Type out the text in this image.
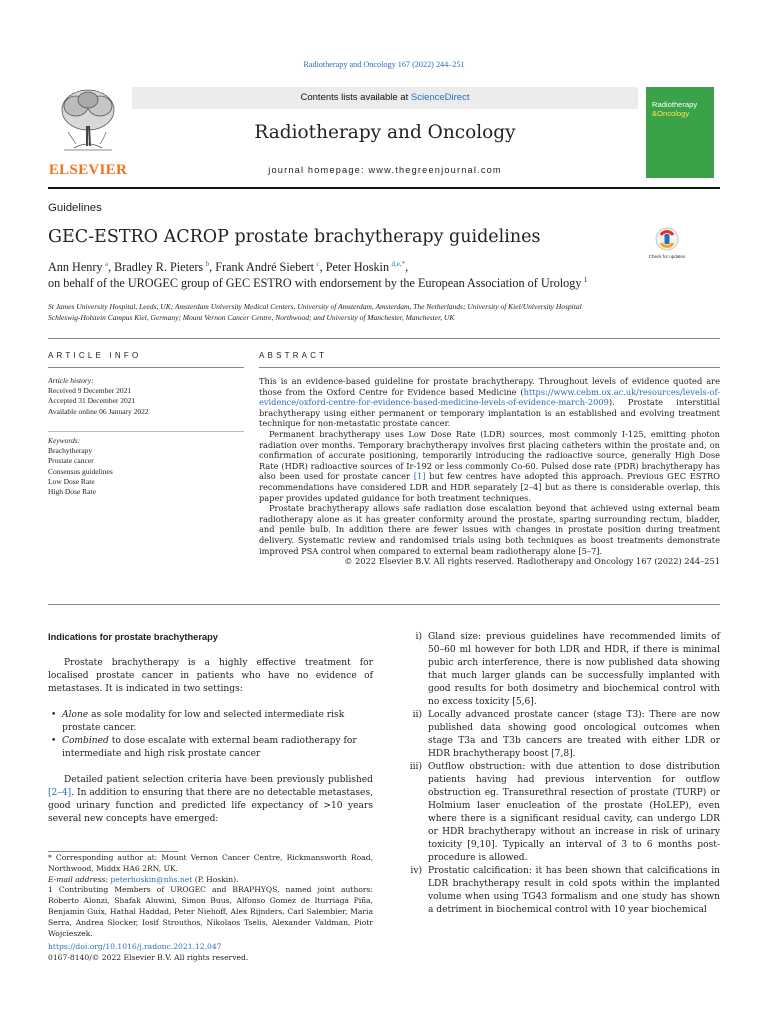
Radiotherapy and Oncology 167 (2022) 244–251
ELSEVIER
Contents lists available at ScienceDirect
Radiotherapy and Oncology
journal homepage: www.thegreenjournal.com
Radiotherapy
&Oncology
Guidelines
GEC-ESTRO ACROP prostate brachytherapy guidelines
Check for updates
Ann Henry  $^a$, Bradley R. Pieters  $^b$, Frank André Siebert  $^c$, Peter Hoskin  $^{d,e,*}$,
on behalf of the UROGEC group of GEC ESTRO with endorsement by the European Association of Urology  $^1$
St James University Hospital, Leeds, UK; Amsterdam University Medical Centers, University of Amsterdam, Amsterdam, The Netherlands; University of Kiel/University Hospital
Schleswig-Holstein Campus Kiel, Germany; Mount Vernon Cancer Centre, Northwood; and University of Manchester, Manchester, UK
ARTICLE INFO	ABSTRACT
Article history:
Received 9 December 2021
Accepted 31 December 2021
Available online 06 January 2022
Keywords:
Brachytherapy
Prostate cancer
Consensus guidelines
Low Dose Rate
High Dose Rate

This is an evidence-based guideline for prostate brachytherapy. Throughout levels of evidence quoted are those from the Oxford Centre for Evidence based Medicine (https://www.cebm.ox.ac.uk/resources/levels-of-evidence/oxford-centre-for-evidence-based-medicine-levels-of-evidence-march-2009). Prostate interstitial brachytherapy using either permanent or temporary implantation is an established and evolving treatment technique for non-metastatic prostate cancer.

Permanent brachytherapy uses Low Dose Rate (LDR) sources, most commonly I-125, emitting photon radiation over months. Temporary brachytherapy involves first placing catheters within the prostate and, on confirmation of accurate positioning, temporarily introducing the radioactive source, generally High Dose Rate (HDR) radioactive sources of Ir-192 or less commonly Co-60. Pulsed dose rate (PDR) brachytherapy has also been used for prostate cancer [1] but few centres have adopted this approach. Previous GEC ESTRO recommendations have considered LDR and HDR separately [2–4] but as there is considerable overlap, this paper provides updated guidance for both treatment techniques.

Prostate brachytherapy allows safe radiation dose escalation beyond that achieved using external beam radiotherapy alone as it has greater conformity around the prostate, sparing surrounding rectum, bladder, and penile bulb. In addition there are fewer issues with changes in prostate position during treatment delivery. Systematic review and randomised trials using both techniques as boost treatments demonstrate improved PSA control when compared to external beam radiotherapy alone [5–7].

© 2022 Elsevier B.V. All rights reserved. Radiotherapy and Oncology 167 (2022) 244–251

Indications for prostate brachytherapy

Prostate brachytherapy is a highly effective treatment for localised prostate cancer in patients who have no evidence of metastases. It is indicated in two settings:

• Alone as sole modality for low and selected intermediate risk prostate cancer.
• Combined to dose escalate with external beam radiotherapy for intermediate and high risk prostate cancer

Detailed patient selection criteria have been previously published [2–4]. In addition to ensuring that there are no detectable metastases, good urinary function and predicted life expectancy of >10 years several new concepts have emerged:

* Corresponding author at: Mount Vernon Cancer Centre, Rickmansworth Road, Northwood, Middx HA6 2RN, UK.

E-mail address: peterhoskin@nhs.net (P. Hoskin).

1 Contributing Members of UROGEC and BRAPHYQS, named joint authors: Roberto Alonzi, Shafak Aluwini, Simon Buus, Alfonso Gomez de Iturriaga Piña, Benjamin Guix, Hathal Haddad, Peter Niehoff, Alex Rijnders, Carl Salembier, Maria Serra, Andrea Slocker, Iosif Strouthos, Nikolaos Tselis, Alexander Valdman, Piotr Wojcieszek.

https://doi.org/10.1016/j.radonc.2021.12.047
0167-8140/© 2022 Elsevier B.V. All rights reserved.
i) Gland size: previous guidelines have recommended limits of 50–60 ml however for both LDR and HDR, if there is minimal pubic arch interference, there is now published data showing that much larger glands can be successfully implanted with good results for both dosimetry and biochemical control with no excess toxicity [5,6].
ii) Locally advanced prostate cancer (stage T3): There are now published data showing good oncological outcomes when stage T3a and T3b cancers are treated with either LDR or HDR brachytherapy boost [7,8].
iii) Outflow obstruction: with due attention to dose distribution patients having had previous intervention for outflow obstruction eg. Transurethral resection of prostate (TURP) or Holmium laser enucleation of the prostate (HoLEP), even where there is a significant residual cavity, can undergo LDR or HDR brachytherapy without an increase in risk of urinary toxicity [9,10]. Typically an interval of 3 to 6 months post-procedure is allowed.
iv) Prostatic calcification: it has been shown that calcifications in LDR brachytherapy result in cold spots within the implanted volume when using TG43 formalism and one study has shown a detriment in biochemical control with 10 year biochemical
